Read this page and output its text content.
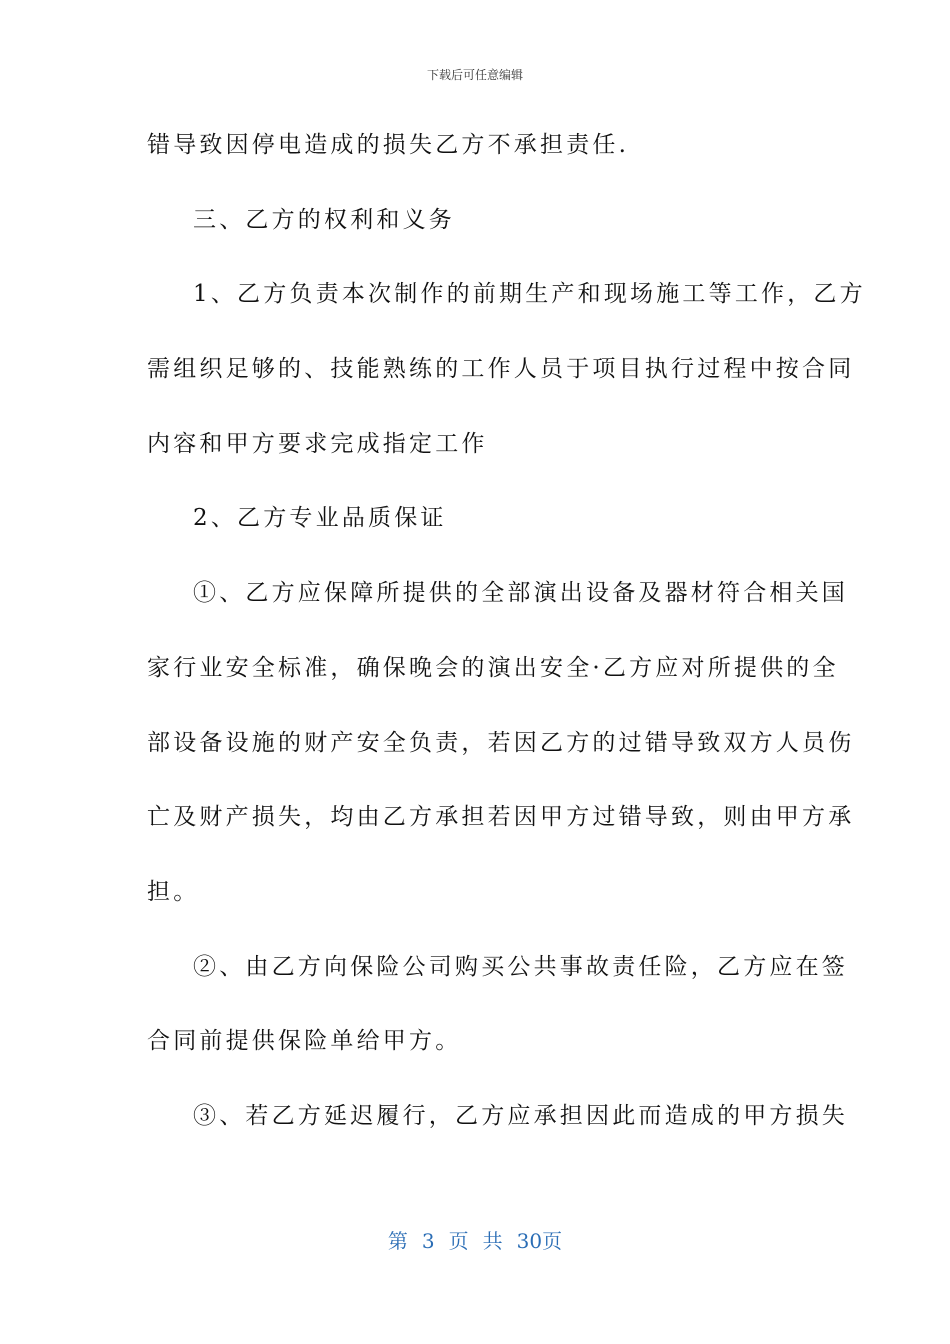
下载后可任意编辑
错导致因停电造成的损失乙方不承担责任.
三、乙方的权利和义务
1、乙方负责本次制作的前期生产和现场施工等工作，乙方
需组织足够的、技能熟练的工作人员于项目执行过程中按合同
内容和甲方要求完成指定工作
2、乙方专业品质保证
①、乙方应保障所提供的全部演出设备及器材符合相关国
家行业安全标准，确保晚会的演出安全·乙方应对所提供的全
部设备设施的财产安全负责，若因乙方的过错导致双方人员伤
亡及财产损失，均由乙方承担若因甲方过错导致，则由甲方承
担。
②、由乙方向保险公司购买公共事故责任险，乙方应在签
合同前提供保险单给甲方。
③、若乙方延迟履行，乙方应承担因此而造成的甲方损失
第 3 页 共 30页
